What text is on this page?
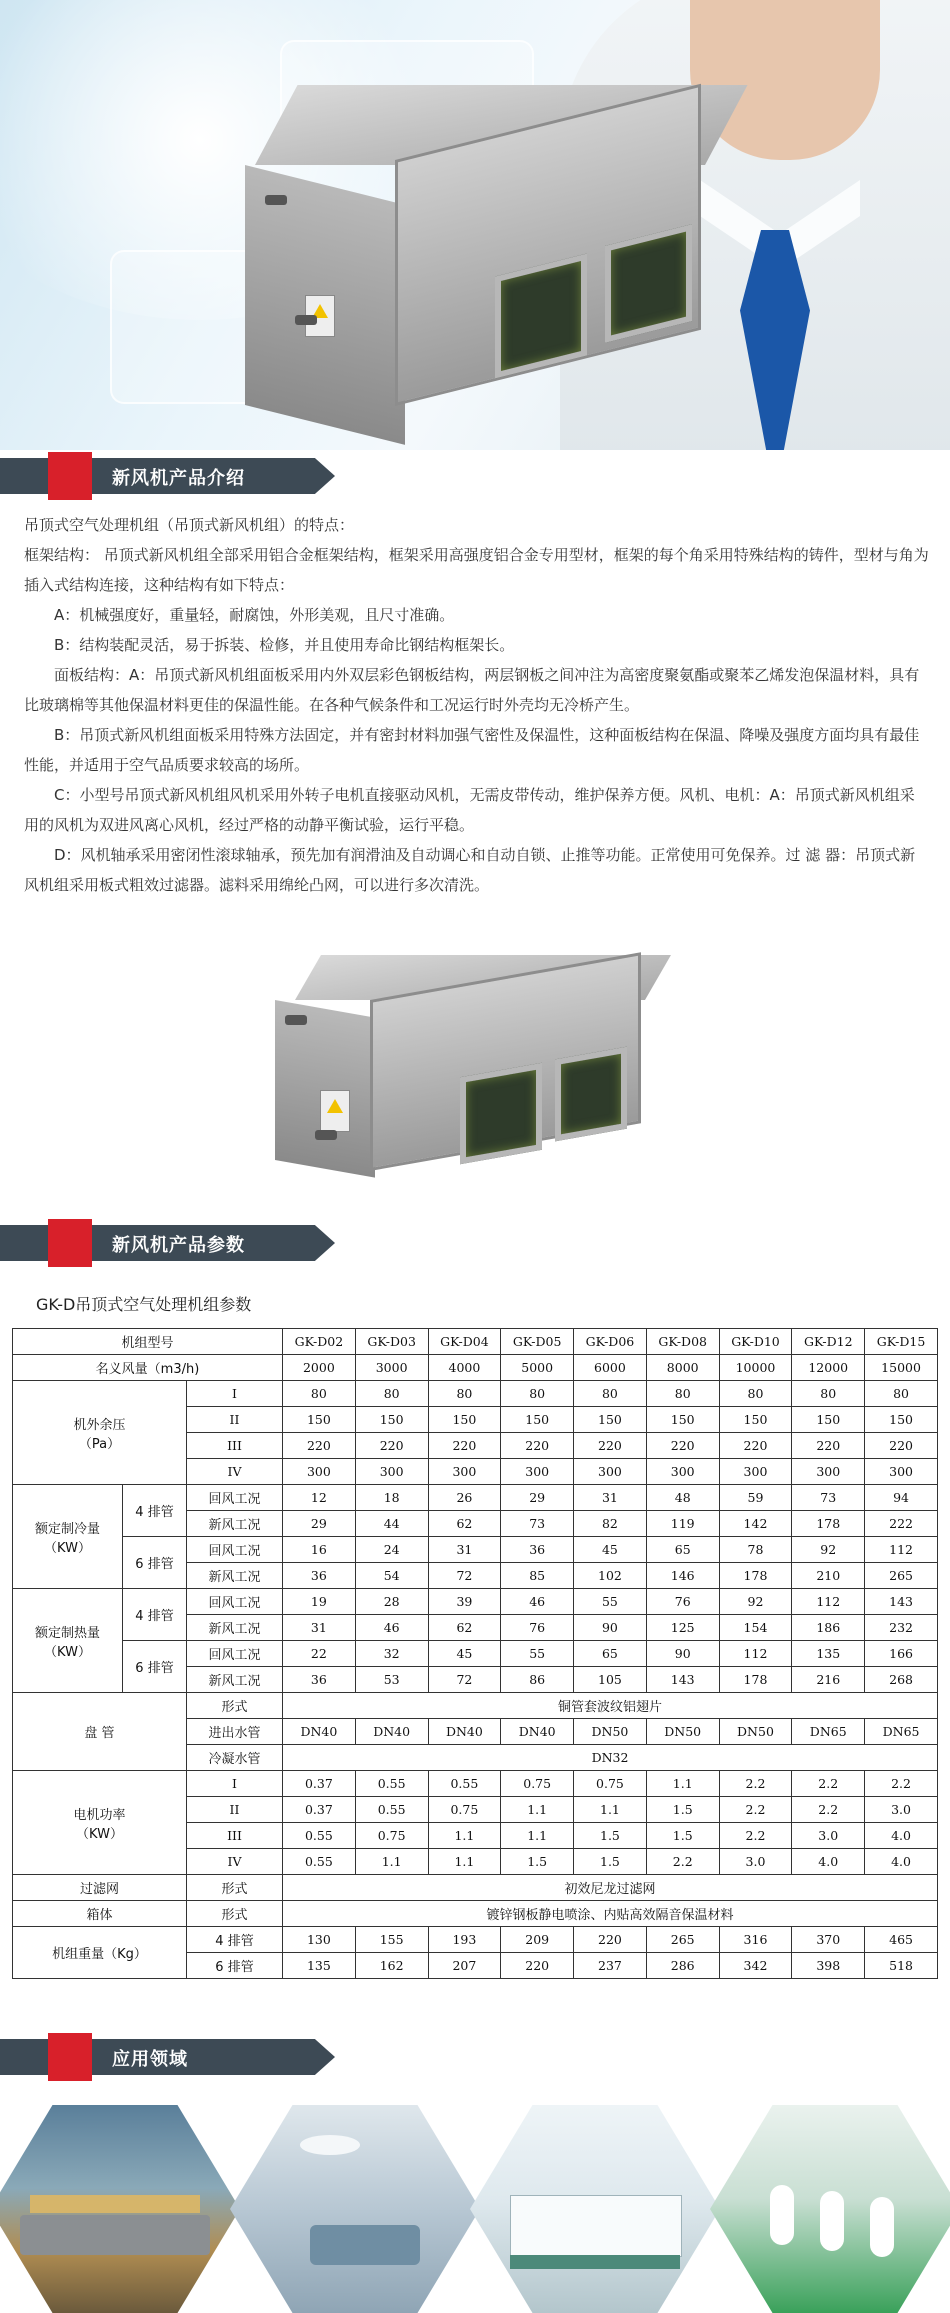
新风机产品介绍

吊顶式空气处理机组（吊顶式新风机组）的特点：

框架结构： 吊顶式新风机组全部采用铝合金框架结构，框架采用高强度铝合金专用型材，框架的每个角采用特殊结构的铸件，型材与角为插入式结构连接，这种结构有如下特点：

　　A：机械强度好，重量轻，耐腐蚀，外形美观，且尺寸准确。

　　B：结构装配灵活，易于拆装、检修，并且使用寿命比钢结构框架长。

　　面板结构：A：吊顶式新风机组面板采用内外双层彩色钢板结构，两层钢板之间冲注为高密度聚氨酯或聚苯乙烯发泡保温材料，具有比玻璃棉等其他保温材料更佳的保温性能。在各种气候条件和工况运行时外壳均无冷桥产生。

　　B：吊顶式新风机组面板采用特殊方法固定，并有密封材料加强气密性及保温性，这种面板结构在保温、降噪及强度方面均具有最佳性能，并适用于空气品质要求较高的场所。

　　C：小型号吊顶式新风机组风机采用外转子电机直接驱动风机，无需皮带传动，维护保养方便。风机、电机：A：吊顶式新风机组采用的风机为双进风离心风机，经过严格的动静平衡试验，运行平稳。

　　D：风机轴承采用密闭性滚球轴承，预先加有润滑油及自动调心和自动自锁、止推等功能。正常使用可免保养。过 滤 器：吊顶式新风机组采用板式粗效过滤器。滤料采用绵纶凸网，可以进行多次清洗。

新风机产品参数
GK-D吊顶式空气处理机组参数
机组型号			GK-D02	GK-D03	GK-D04	GK-D05	GK-D06	GK-D08	GK-D10	GK-D12	GK-D15
名义风量（m3/h)			2000	3000	4000	5000	6000	8000	10000	12000	15000
机外余压
（Pa）		I	80	80	80	80	80	80	80	80	80
		II	150	150	150	150	150	150	150	150	150
		III	220	220	220	220	220	220	220	220	220
		IV	300	300	300	300	300	300	300	300	300
额定制冷量
（KW）	4 排管	回风工况	12	18	26	29	31	48	59	73	94
		新风工况	29	44	62	73	82	119	142	178	222
	6 排管	回风工况	16	24	31	36	45	65	78	92	112
		新风工况	36	54	72	85	102	146	178	210	265
额定制热量
（KW）	4 排管	回风工况	19	28	39	46	55	76	92	112	143
		新风工况	31	46	62	76	90	125	154	186	232
	6 排管	回风工况	22	32	45	55	65	90	112	135	166
		新风工况	36	53	72	86	105	143	178	216	268
盘 管		形式	铜管套波纹铝翅片								
		进出水管	DN40	DN40	DN40	DN40	DN50	DN50	DN50	DN65	DN65
		冷凝水管	DN32								
电机功率
（KW）		I	0.37	0.55	0.55	0.75	0.75	1.1	2.2	2.2	2.2
		II	0.37	0.55	0.75	1.1	1.1	1.5	2.2	2.2	3.0
		III	0.55	0.75	1.1	1.1	1.5	1.5	2.2	3.0	4.0
		IV	0.55	1.1	1.1	1.5	1.5	2.2	3.0	4.0	4.0
过滤网		形式	初效尼龙过滤网								
箱体		形式	镀锌钢板静电喷涂、内贴高效隔音保温材料								
机组重量（Kg）		4 排管	130	155	193	209	220	265	316	370	465
		6 排管	135	162	207	220	237	286	342	398	518
应用领域
